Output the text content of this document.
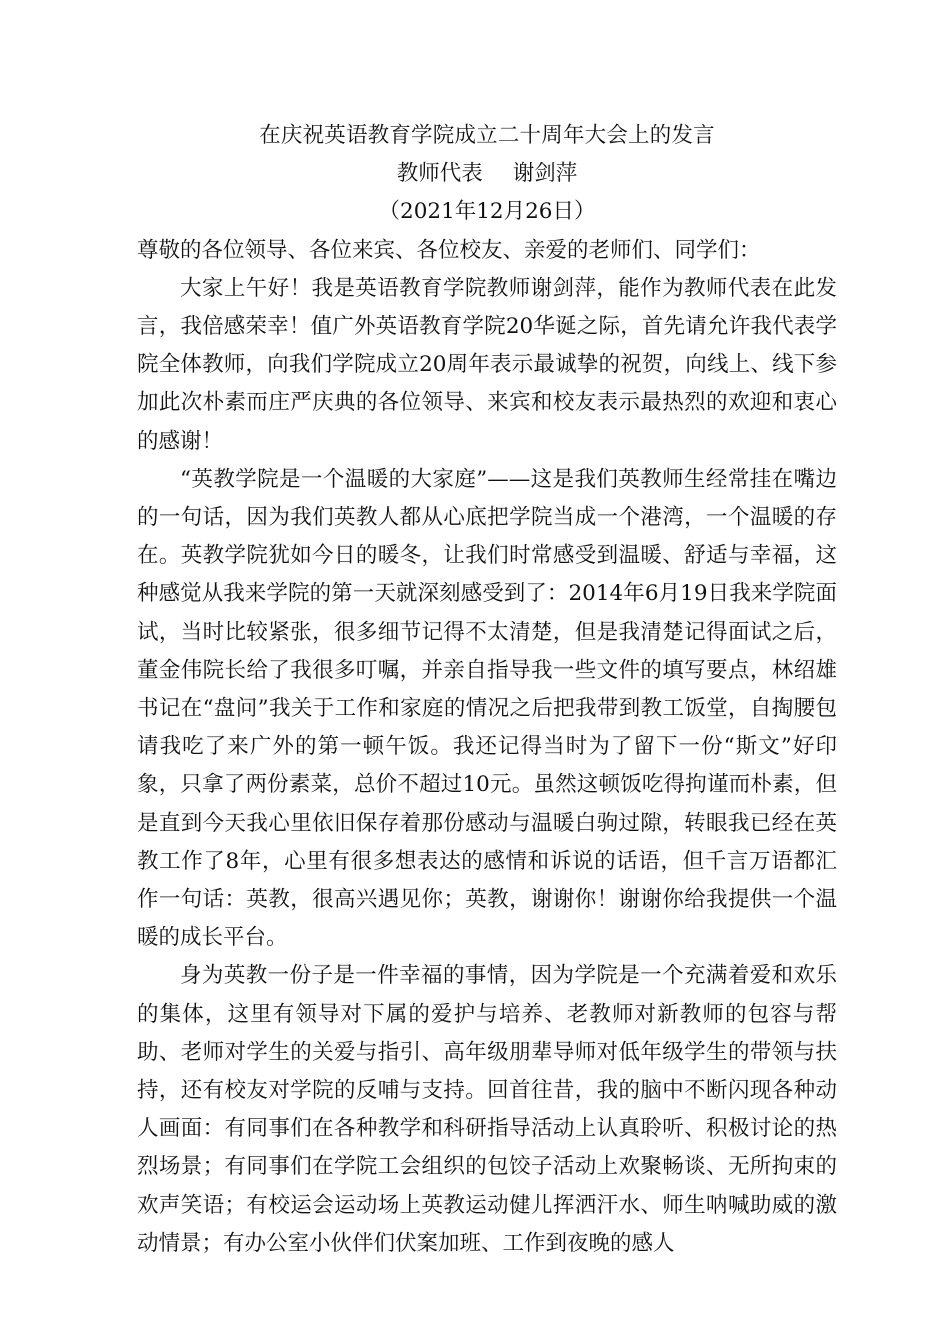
在庆祝英语教育学院成立二十周年大会上的发言

教师代表 谢剑萍

（2021年12月26日）

尊敬的各位领导、各位来宾、各位校友、亲爱的老师们、同学们：

大家上午好！我是英语教育学院教师谢剑萍，能作为教师代表在此发言，我倍感荣幸！值广外英语教育学院20华诞之际，首先请允许我代表学院全体教师，向我们学院成立20周年表示最诚挚的祝贺，向线上、线下参加此次朴素而庄严庆典的各位领导、来宾和校友表示最热烈的欢迎和衷心的感谢！

“英教学院是一个温暖的大家庭”——这是我们英教师生经常挂在嘴边的一句话，因为我们英教人都从心底把学院当成一个港湾，一个温暖的存在。英教学院犹如今日的暖冬，让我们时常感受到温暖、舒适与幸福，这种感觉从我来学院的第一天就深刻感受到了：2014年6月19日我来学院面试，当时比较紧张，很多细节记得不太清楚，但是我清楚记得面试之后，董金伟院长给了我很多叮嘱，并亲自指导我一些文件的填写要点，林绍雄书记在“盘问”我关于工作和家庭的情况之后把我带到教工饭堂，自掏腰包请我吃了来广外的第一顿午饭。我还记得当时为了留下一份“斯文”好印象，只拿了两份素菜，总价不超过10元。虽然这顿饭吃得拘谨而朴素，但是直到今天我心里依旧保存着那份感动与温暖白驹过隙，转眼我已经在英教工作了8年，心里有很多想表达的感情和诉说的话语，但千言万语都汇作一句话：英教，很高兴遇见你；英教，谢谢你！谢谢你给我提供一个温暖的成长平台。

身为英教一份子是一件幸福的事情，因为学院是一个充满着爱和欢乐的集体，这里有领导对下属的爱护与培养、老教师对新教师的包容与帮助、老师对学生的关爱与指引、高年级朋辈导师对低年级学生的带领与扶持，还有校友对学院的反哺与支持。回首往昔，我的脑中不断闪现各种动人画面：有同事们在各种教学和科研指导活动上认真聆听、积极讨论的热烈场景；有同事们在学院工会组织的包饺子活动上欢聚畅谈、无所拘束的欢声笑语；有校运会运动场上英教运动健儿挥洒汗水、师生呐喊助威的激动情景；有办公室小伙伴们伏案加班、工作到夜晚的感人
